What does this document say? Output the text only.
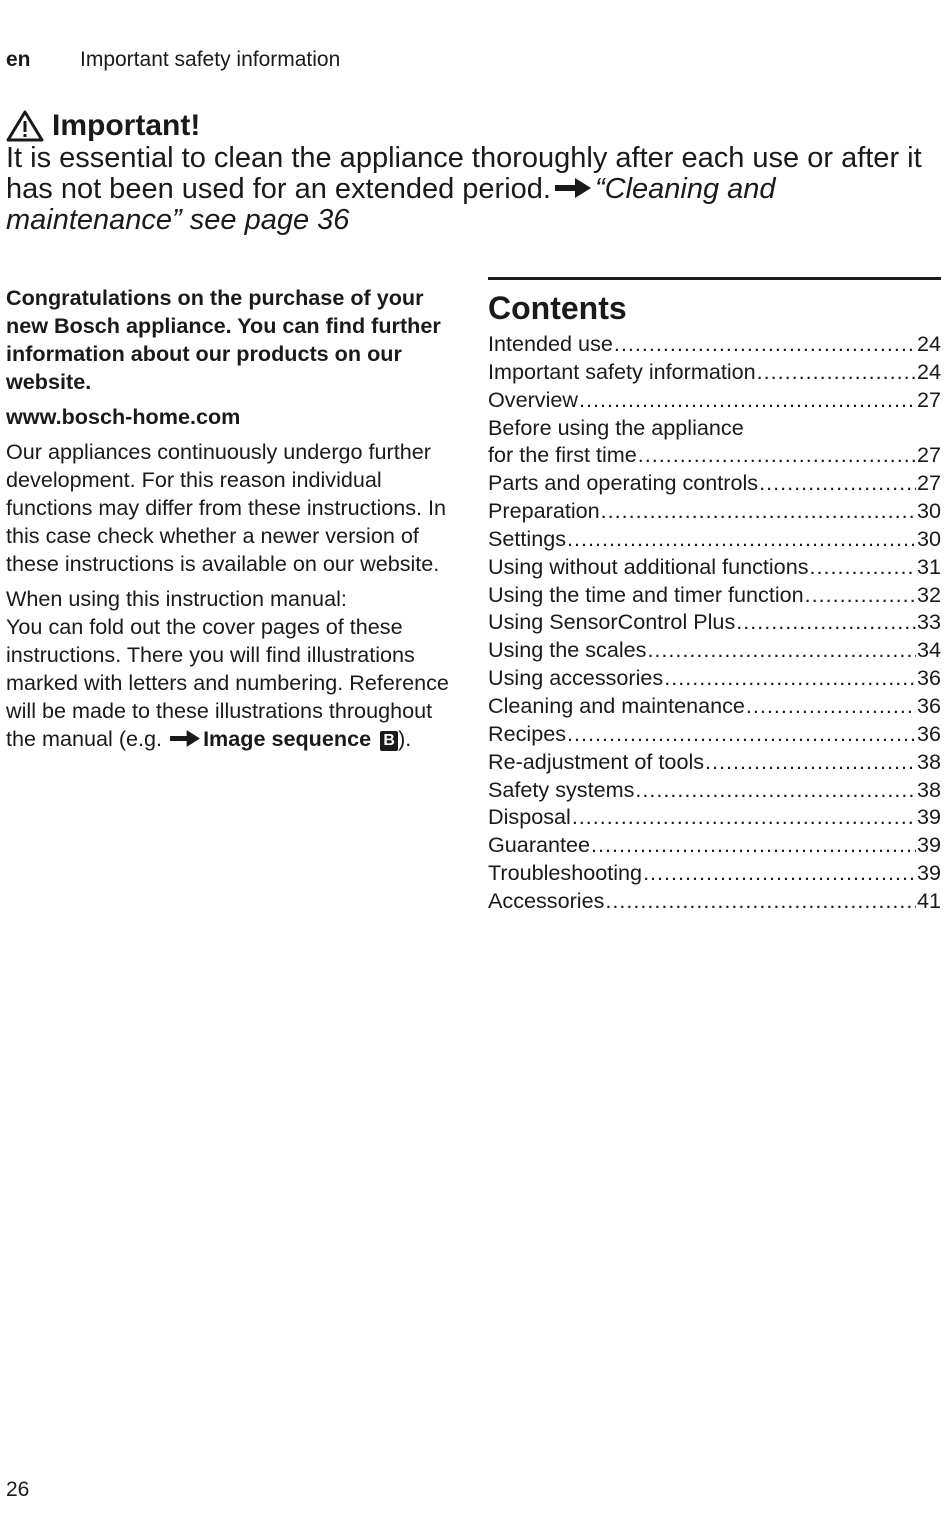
en Important safety information
Important!
It is essential to clean the appliance thoroughly after each use or after it has not been used for an extended period. “Cleaning and maintenance” see page 36

Congratulations on the purchase of your new Bosch appliance. You can find further information about our products on our website.

www.bosch-home.com

Our appliances continuously undergo further development. For this reason individual functions may differ from these instructions. In this case check whether a newer version of these instructions is available on our website.

When using this instruction manual:

You can fold out the cover pages of these instructions. There you will find illustrations marked with letters and numbering. Reference will be made to these illustrations throughout the manual (e.g. Image sequence B ).

Contents
Intended use .....	24
Important safety information .....	24
Overview .....	27
Before using the appliance
for the first time .....	27
Parts and operating controls .....	27
Preparation .....	30
Settings .....	30
Using without additional functions .....	31
Using the time and timer function .....	32
Using SensorControl Plus .....	33
Using the scales .....	34
Using accessories .....	36
Cleaning and maintenance .....	36
Recipes .....	36
Re-adjustment of tools .....	38
Safety systems .....	38
Disposal .....	39
Guarantee .....	39
Troubleshooting .....	39
Accessories .....	41
26
